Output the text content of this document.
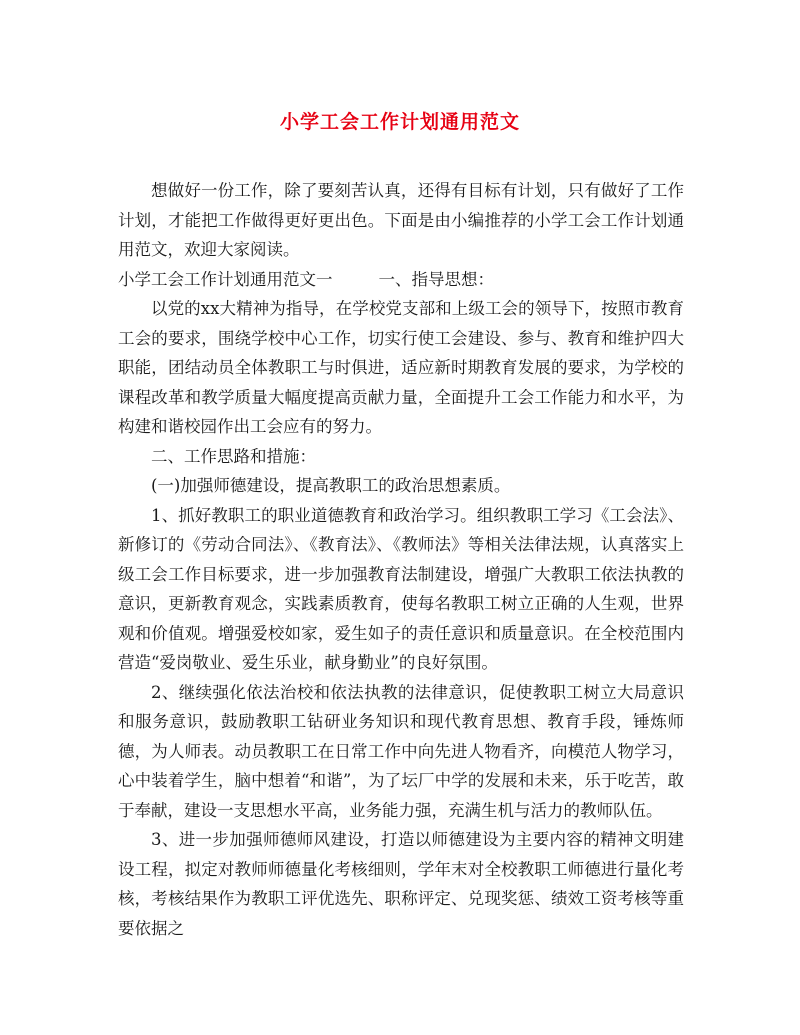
小学工会工作计划通用范文

想做好一份工作，除了要刻苦认真，还得有目标有计划，只有做好了工作计划，才能把工作做得更好更出色。下面是由小编推荐的小学工会工作计划通用范文，欢迎大家阅读。

小学工会工作计划通用范文一	一、指导思想：

以党的xx大精神为指导，在学校党支部和上级工会的领导下，按照市教育工会的要求，围绕学校中心工作，切实行使工会建设、参与、教育和维护四大职能，团结动员全体教职工与时俱进，适应新时期教育发展的要求，为学校的课程改革和教学质量大幅度提高贡献力量，全面提升工会工作能力和水平，为构建和谐校园作出工会应有的努力。

二、工作思路和措施：

(一)加强师德建设，提高教职工的政治思想素质。

1、抓好教职工的职业道德教育和政治学习。组织教职工学习《工会法》、新修订的《劳动合同法》、《教育法》、《教师法》等相关法律法规，认真落实上级工会工作目标要求，进一步加强教育法制建设，增强广大教职工依法执教的意识，更新教育观念，实践素质教育，使每名教职工树立正确的人生观，世界观和价值观。增强爱校如家，爱生如子的责任意识和质量意识。在全校范围内营造“爱岗敬业、爱生乐业，献身勤业”的良好氛围。

2、继续强化依法治校和依法执教的法律意识，促使教职工树立大局意识和服务意识，鼓励教职工钻研业务知识和现代教育思想、教育手段，锤炼师德，为人师表。动员教职工在日常工作中向先进人物看齐，向模范人物学习，心中装着学生，脑中想着“和谐”，为了坛厂中学的发展和未来，乐于吃苦，敢于奉献，建设一支思想水平高，业务能力强，充满生机与活力的教师队伍。

3、进一步加强师德师风建设，打造以师德建设为主要内容的精神文明建设工程，拟定对教师师德量化考核细则，学年末对全校教职工师德进行量化考核，考核结果作为教职工评优选先、职称评定、兑现奖惩、绩效工资考核等重要依据之
